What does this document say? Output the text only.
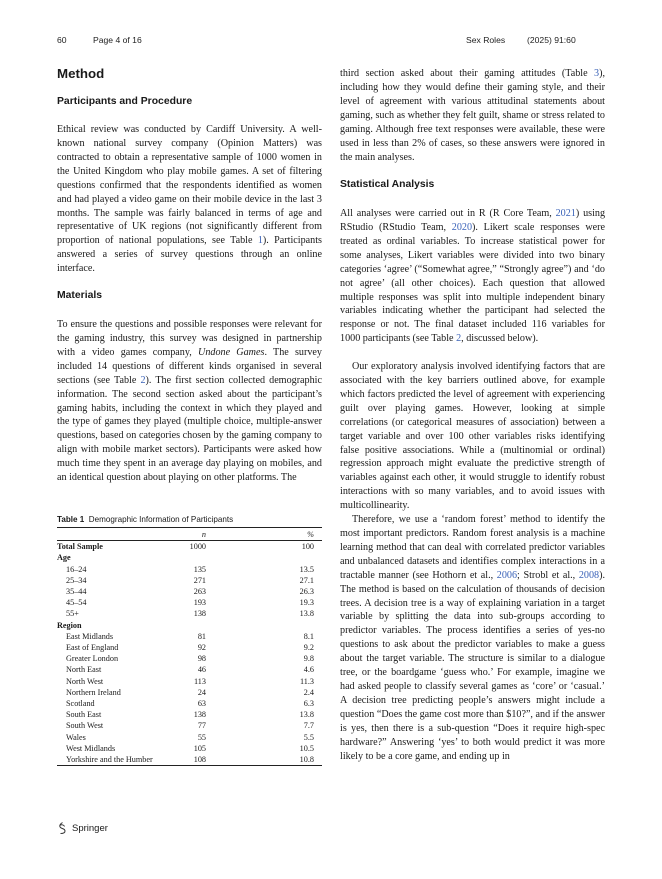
60	Page 4 of 16	Sex Roles	(2025) 91:60
Method
Participants and Procedure

Ethical review was conducted by Cardiff University. A well-known national survey company (Opinion Matters) was contracted to obtain a representative sample of 1000 women in the United Kingdom who play mobile games. A set of filtering questions confirmed that the respondents identified as women and had played a video game on their mobile device in the last 3 months. The sample was fairly balanced in terms of age and representative of UK regions (not significantly different from proportion of national populations, see Table 1). Participants answered a series of survey questions through an online interface.

Materials

To ensure the questions and possible responses were relevant for the gaming industry, this survey was designed in partnership with a video games company, Undone Games. The survey included 14 questions of different kinds organised in several sections (see Table 2). The first section collected demographic information. The second section asked about the participant’s gaming habits, including the context in which they played and the type of games they played (multiple choice, multiple-answer questions, based on categories chosen by the gaming company to align with mobile market sectors). Participants were asked how much time they spent in an average day playing on mobiles, and an identical question about playing on other platforms. The

Table 1 Demographic Information of Participants
	n	%
Total Sample	1000	100
Age		
16–24	135	13.5
25–34	271	27.1
35–44	263	26.3
45–54	193	19.3
55+	138	13.8
Region		
East Midlands	81	8.1
East of England	92	9.2
Greater London	98	9.8
North East	46	4.6
North West	113	11.3
Northern Ireland	24	2.4
Scotland	63	6.3
South East	138	13.8
South West	77	7.7
Wales	55	5.5
West Midlands	105	10.5
Yorkshire and the Humber	108	10.8

third section asked about their gaming attitudes (Table 3), including how they would define their gaming style, and their level of agreement with various attitudinal statements about gaming, such as whether they felt guilt, shame or stress related to gaming. Although free text responses were available, these were used in less than 2% of cases, so these answers were ignored in the main analyses.

Statistical Analysis

All analyses were carried out in R (R Core Team, 2021) using RStudio (RStudio Team, 2020). Likert scale responses were treated as ordinal variables. To increase statistical power for some analyses, Likert variables were divided into two binary categories ‘agree’ (“Somewhat agree,” “Strongly agree”) and ‘do not agree’ (all other choices). Each question that allowed multiple responses was split into multiple independent binary variables indicating whether the participant had selected the response or not. The final dataset included 116 variables for 1000 participants (see Table 2, discussed below).

Our exploratory analysis involved identifying factors that are associated with the key barriers outlined above, for example which factors predicted the level of agreement with experiencing guilt over playing games. However, looking at simple correlations (or categorical measures of association) between a target variable and over 100 other variables risks identifying false positive associations. While a (multinomial or ordinal) regression approach might evaluate the predictive strength of variables against each other, it would struggle to identify robust interactions with so many variables, and to avoid issues with multicollinearity.

Therefore, we use a ‘random forest’ method to identify the most important predictors. Random forest analysis is a machine learning method that can deal with correlated predictor variables and unbalanced datasets and identifies complex interactions in a tractable manner (see Hothorn et al., 2006; Strobl et al., 2008). The method is based on the calculation of thousands of decision trees. A decision tree is a way of explaining variation in a target variable by splitting the data into sub-groups according to predictor variables. The process identifies a series of yes-no questions to ask about the predictor variables to make a guess about the target variable. The structure is similar to a dialogue tree, or the boardgame ‘guess who.’ For example, imagine we had asked people to classify several games as ‘core’ or ‘casual.’ A decision tree predicting people’s answers might include a question “Does the game cost more than $10?”, and if the answer is yes, then there is a sub-question “Does it require high-spec hardware?” Answering ‘yes’ to both would predict it was more likely to be a core game, and ending up in

Springer
